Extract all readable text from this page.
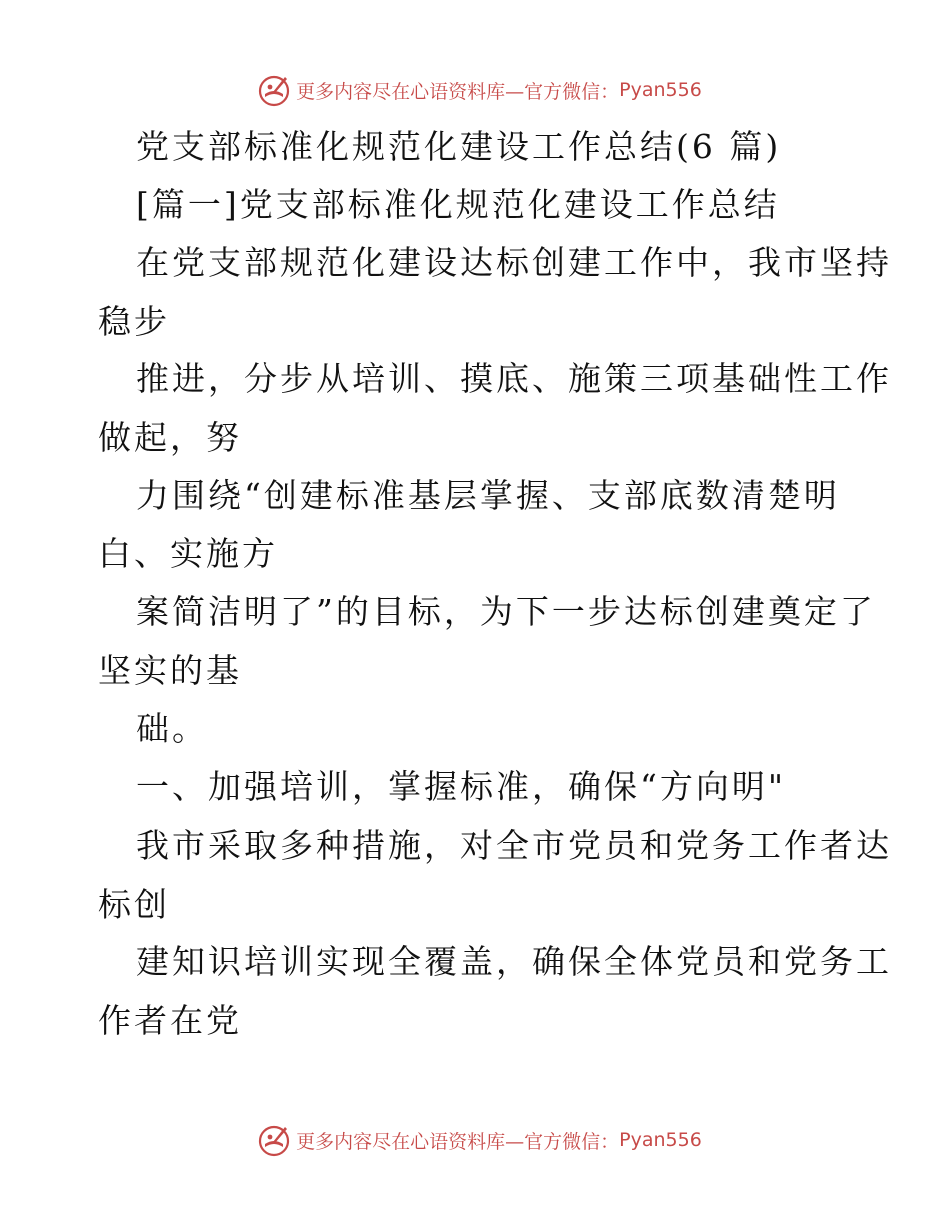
更多内容尽在心语资料库—官方微信： Pyan556
党支部标准化规范化建设工作总结(6 篇)
[篇一]党支部标准化规范化建设工作总结
在党支部规范化建设达标创建工作中，我市坚持
稳步
推进，分步从培训、摸底、施策三项基础性工作
做起，努
力围绕“创建标准基层掌握、支部底数清楚明
白、实施方
案简洁明了”的目标，为下一步达标创建奠定了
坚实的基
础。
一、加强培训，掌握标准，确保“方向明"
我市采取多种措施，对全市党员和党务工作者达
标创
建知识培训实现全覆盖，确保全体党员和党务工
作者在党
更多内容尽在心语资料库—官方微信： Pyan556
